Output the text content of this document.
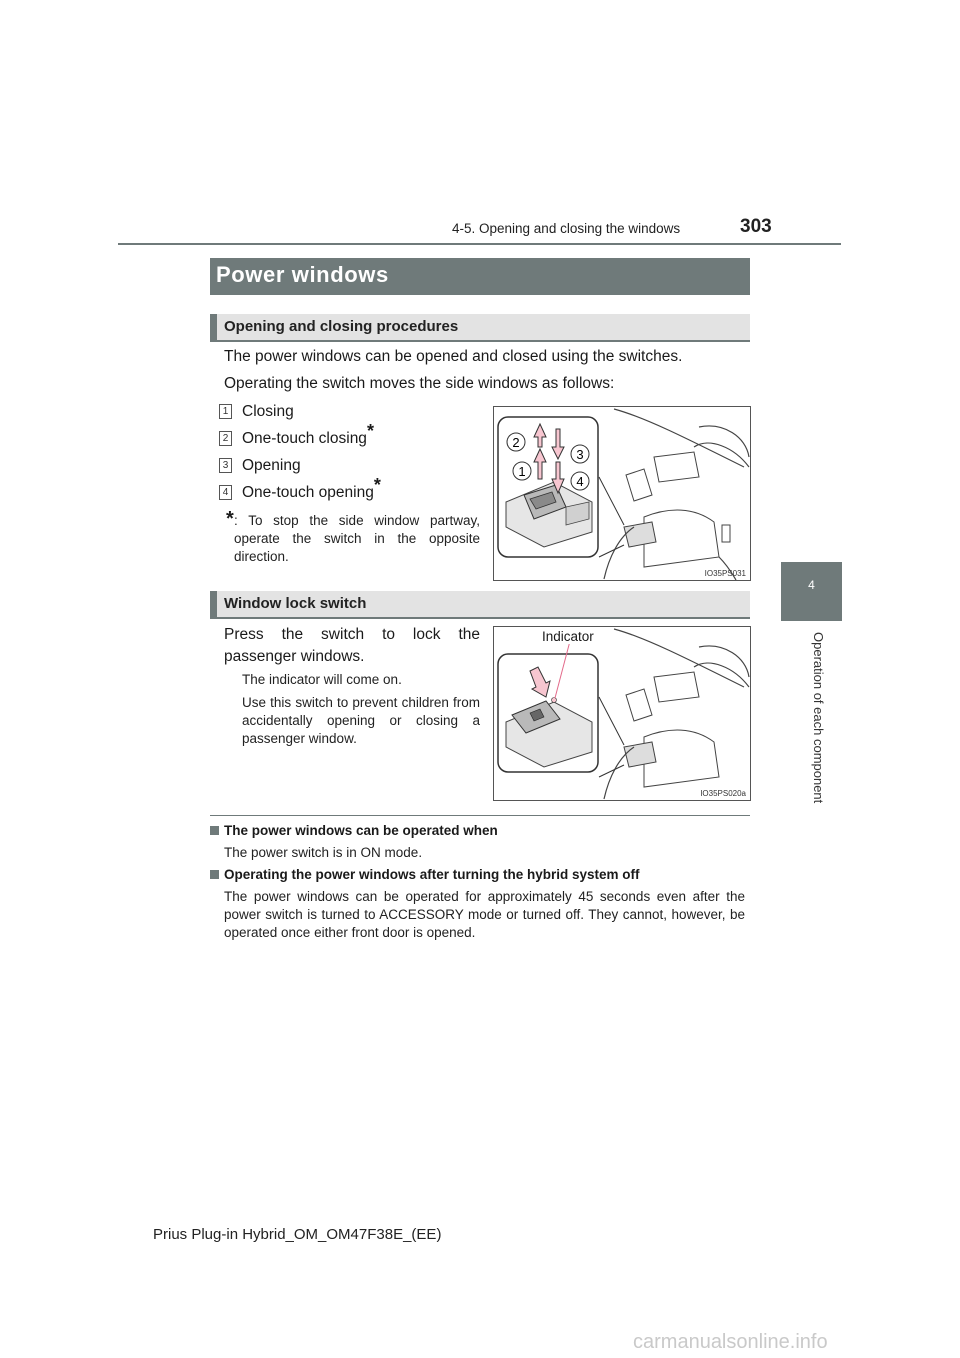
4-5. Opening and closing the windows	303
4
Operation of each component
Power windows
Opening and closing procedures
The power windows can be opened and closed using the switches.
Operating the switch moves the side windows as follows:
1 Closing
2 One-touch closing*
3 Opening
4 One-touch opening*
* : To stop the side window partway, operate the switch in the opposite direction.
2
3
1
4
IO35PS031
Window lock switch
Press the switch to lock the passenger windows.
The indicator will come on.
Use this switch to prevent children from accidentally opening or closing a passenger window.
Indicator
IO35PS020a
The power windows can be operated when
The power switch is in ON mode.
Operating the power windows after turning the hybrid system off
The power windows can be operated for approximately 45 seconds even after the power switch is turned to ACCESSORY mode or turned off. They cannot, however, be operated once either front door is opened.
Prius Plug-in Hybrid_OM_OM47F38E_(EE)
carmanualsonline.info
